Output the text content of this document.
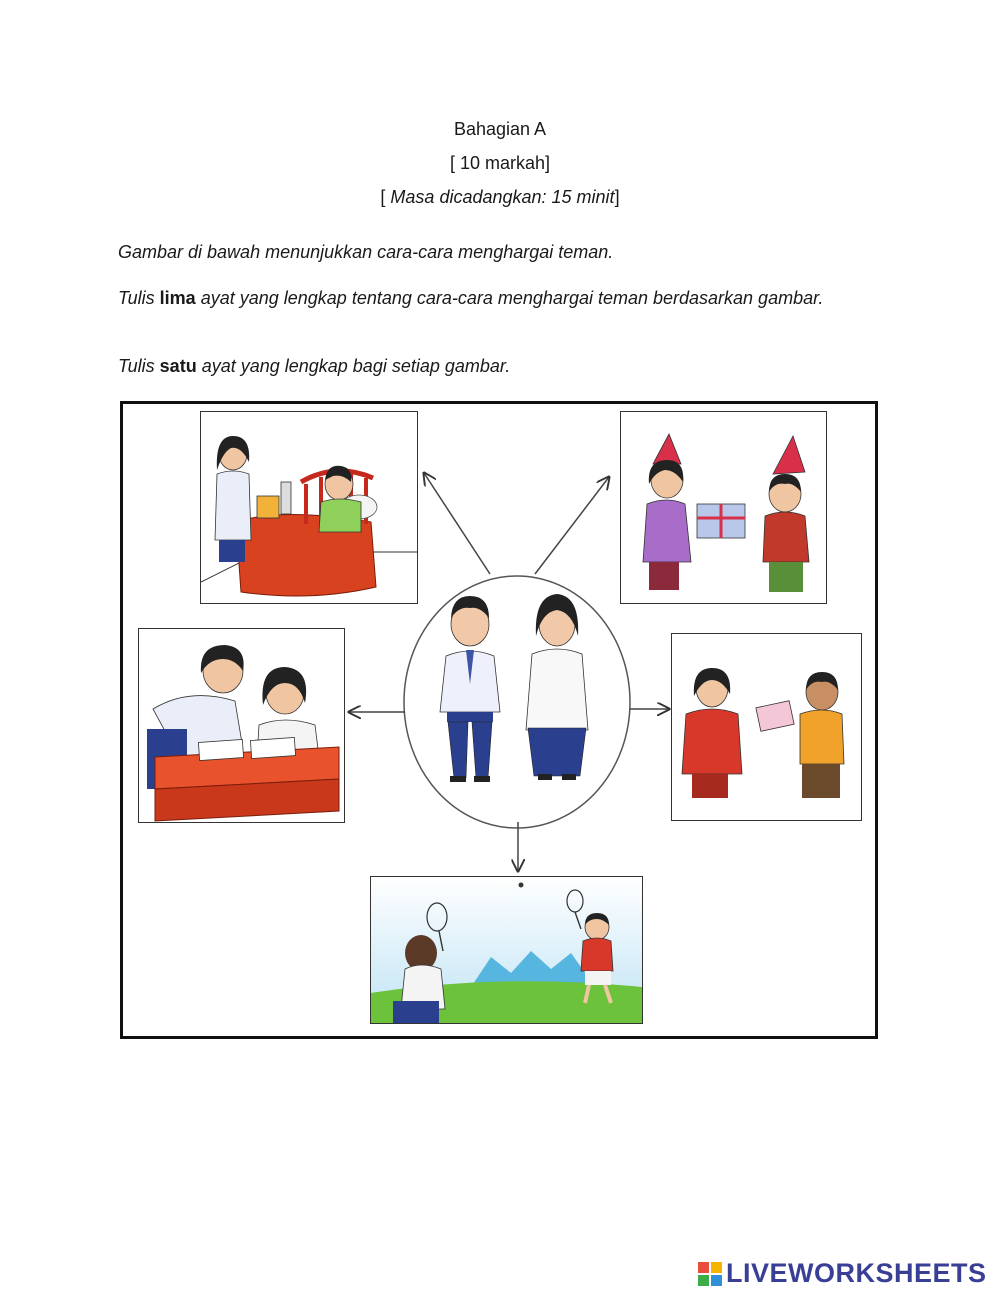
Bahagian A
[ 10 markah]
[ Masa dicadangkan: 15 minit]
Gambar di bawah menunjukkan cara-cara menghargai teman.
Tulis lima ayat yang lengkap tentang cara-cara menghargai teman berdasarkan gambar.
Tulis satu ayat yang lengkap bagi setiap gambar.
LIVEWORKSHEETS
